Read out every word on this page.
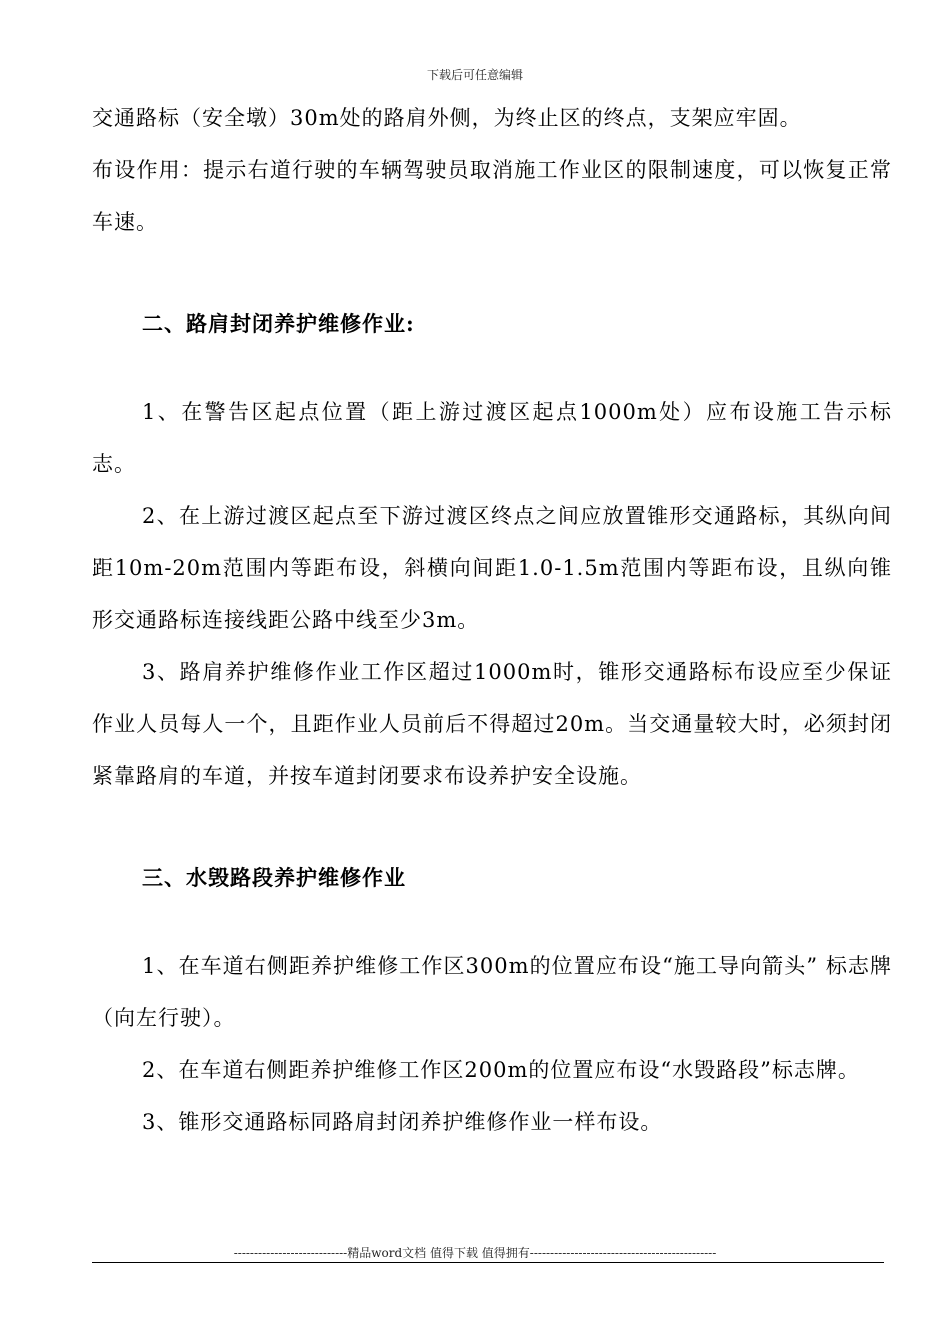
下载后可任意编辑

交通路标（安全墩）30m处的路肩外侧，为终止区的终点，支架应牢固。

布设作用：提示右道行驶的车辆驾驶员取消施工作业区的限制速度，可以恢复正常车速。

二、路肩封闭养护维修作业:

1、在警告区起点位置（距上游过渡区起点1000m处）应布设施工告示标志。

2、在上游过渡区起点至下游过渡区终点之间应放置锥形交通路标，其纵向间距10m-20m范围内等距布设，斜横向间距1.0-1.5m范围内等距布设，且纵向锥形交通路标连接线距公路中线至少3m。

3、路肩养护维修作业工作区超过1000m时，锥形交通路标布设应至少保证作业人员每人一个，且距作业人员前后不得超过20m。当交通量较大时，必须封闭紧靠路肩的车道，并按车道封闭要求布设养护安全设施。

三、水毁路段养护维修作业

1、在车道右侧距养护维修工作区300m的位置应布设“施工导向箭头” 标志牌（向左行驶）。

2、在车道右侧距养护维修工作区200m的位置应布设“水毁路段”标志牌。

3、锥形交通路标同路肩封闭养护维修作业一样布设。

----------------------------精品word文档 值得下载 值得拥有----------------------------------------------
